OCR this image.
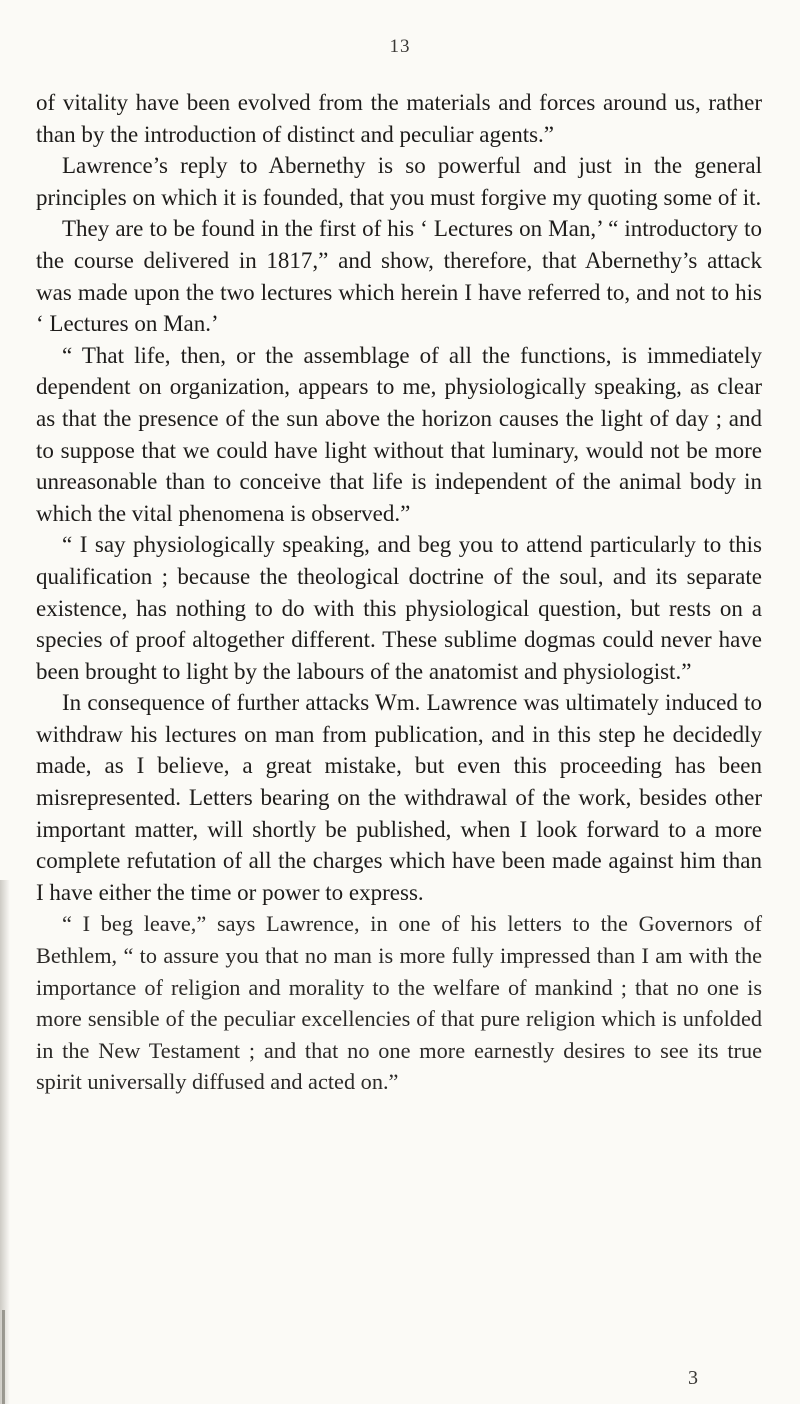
13

of vitality have been evolved from the materials and forces around us, rather than by the introduction of distinct and peculiar agents.”

Lawrence’s reply to Abernethy is so powerful and just in the general principles on which it is founded, that you must forgive my quoting some of it.

They are to be found in the first of his ‘ Lectures on Man,’ “ introductory to the course delivered in 1817,” and show, therefore, that Abernethy’s attack was made upon the two lectures which herein I have referred to, and not to his ‘ Lectures on Man.’

“ That life, then, or the assemblage of all the functions, is immediately dependent on organization, appears to me, physiologically speaking, as clear as that the presence of the sun above the horizon causes the light of day ; and to suppose that we could have light without that luminary, would not be more unreasonable than to conceive that life is independent of the animal body in which the vital phenomena is observed.”

“ I say physiologically speaking, and beg you to attend particularly to this qualification ; because the theological doctrine of the soul, and its separate existence, has nothing to do with this physiological question, but rests on a species of proof altogether different. These sublime dogmas could never have been brought to light by the labours of the anatomist and physiologist.”

In consequence of further attacks Wm. Lawrence was ultimately induced to withdraw his lectures on man from publication, and in this step he decidedly made, as I believe, a great mistake, but even this proceeding has been misrepresented. Letters bearing on the withdrawal of the work, besides other important matter, will shortly be published, when I look forward to a more complete refutation of all the charges which have been made against him than I have either the time or power to express.

“ I beg leave,” says Lawrence, in one of his letters to the Governors of Bethlem, “ to assure you that no man is more fully impressed than I am with the importance of religion and morality to the welfare of mankind ; that no one is more sensible of the peculiar excellencies of that pure religion which is unfolded in the New Testament ; and that no one more earnestly desires to see its true spirit universally diffused and acted on.”

3
